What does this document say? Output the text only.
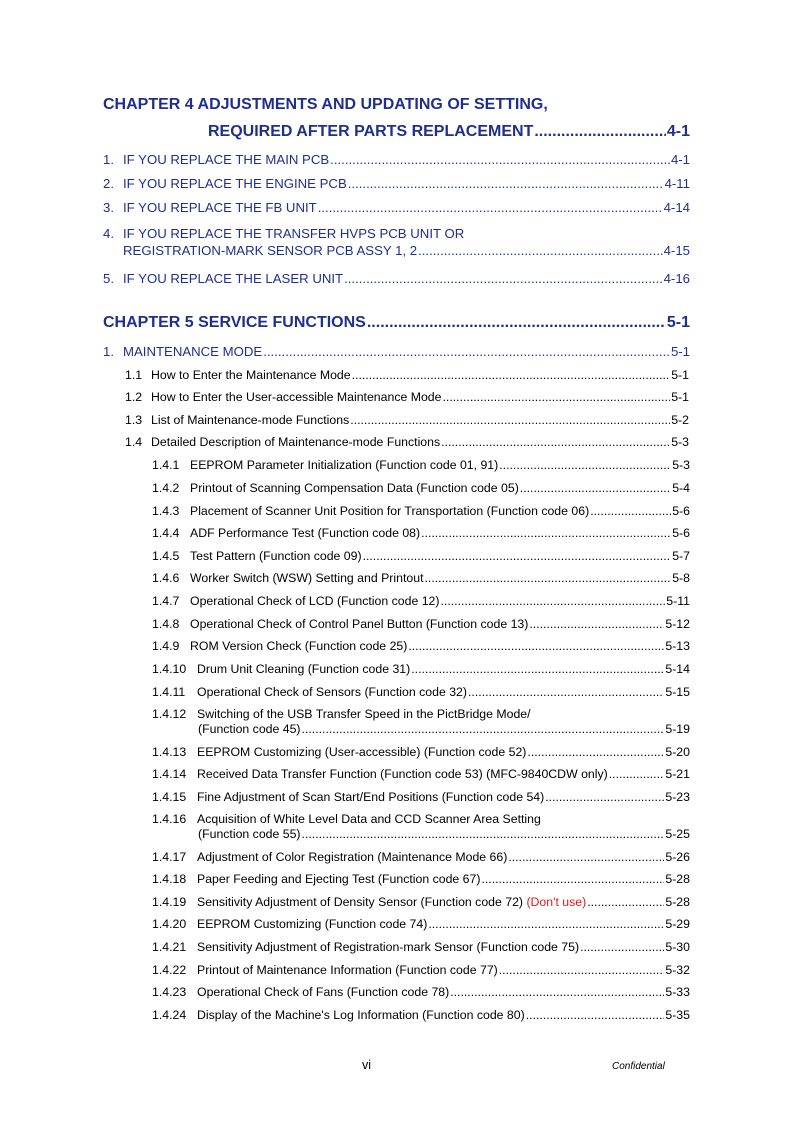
CHAPTER 4 ADJUSTMENTS AND UPDATING OF SETTING,
REQUIRED AFTER PARTS REPLACEMENT .....	4-1
1. IF YOU REPLACE THE MAIN PCB .....	4-1
2. IF YOU REPLACE THE ENGINE PCB .....	4-11
3. IF YOU REPLACE THE FB UNIT .....	4-14
4. IF YOU REPLACE THE TRANSFER HVPS PCB UNIT OR
REGISTRATION-MARK SENSOR PCB ASSY 1, 2 .....	4-15
5. IF YOU REPLACE THE LASER UNIT .....	4-16
CHAPTER 5 SERVICE FUNCTIONS .....	5-1
1. MAINTENANCE MODE .....	5-1
1.1 How to Enter the Maintenance Mode .....	5-1
1.2 How to Enter the User-accessible Maintenance Mode .....	5-1
1.3 List of Maintenance-mode Functions .....	5-2
1.4 Detailed Description of Maintenance-mode Functions .....	5-3
1.4.1 EEPROM Parameter Initialization (Function code 01, 91) .....	5-3
1.4.2 Printout of Scanning Compensation Data (Function code 05) .....	5-4
1.4.3 Placement of Scanner Unit Position for Transportation (Function code 06) .....	5-6
1.4.4 ADF Performance Test (Function code 08) .....	5-6
1.4.5 Test Pattern (Function code 09) .....	5-7
1.4.6 Worker Switch (WSW) Setting and Printout .....	5-8
1.4.7 Operational Check of LCD (Function code 12) .....	5-11
1.4.8 Operational Check of Control Panel Button (Function code 13) .....	5-12
1.4.9 ROM Version Check (Function code 25) .....	5-13
1.4.10 Drum Unit Cleaning (Function code 31) .....	5-14
1.4.11 Operational Check of Sensors (Function code 32) .....	5-15
1.4.12 Switching of the USB Transfer Speed in the PictBridge Mode/
(Function code 45) .....	5-19
1.4.13 EEPROM Customizing (User-accessible) (Function code 52) .....	5-20
1.4.14 Received Data Transfer Function (Function code 53) (MFC-9840CDW only) .....	5-21
1.4.15 Fine Adjustment of Scan Start/End Positions (Function code 54) .....	5-23
1.4.16 Acquisition of White Level Data and CCD Scanner Area Setting
(Function code 55) .....	5-25
1.4.17 Adjustment of Color Registration (Maintenance Mode 66) .....	5-26
1.4.18 Paper Feeding and Ejecting Test (Function code 67) .....	5-28
1.4.19 Sensitivity Adjustment of Density Sensor (Function code 72) (Don't use) .....	5-28
1.4.20 EEPROM Customizing (Function code 74) .....	5-29
1.4.21 Sensitivity Adjustment of Registration-mark Sensor (Function code 75) .....	5-30
1.4.22 Printout of Maintenance Information (Function code 77) .....	5-32
1.4.23 Operational Check of Fans (Function code 78) .....	5-33
1.4.24 Display of the Machine's Log Information (Function code 80) .....	5-35
vi	Confidential
